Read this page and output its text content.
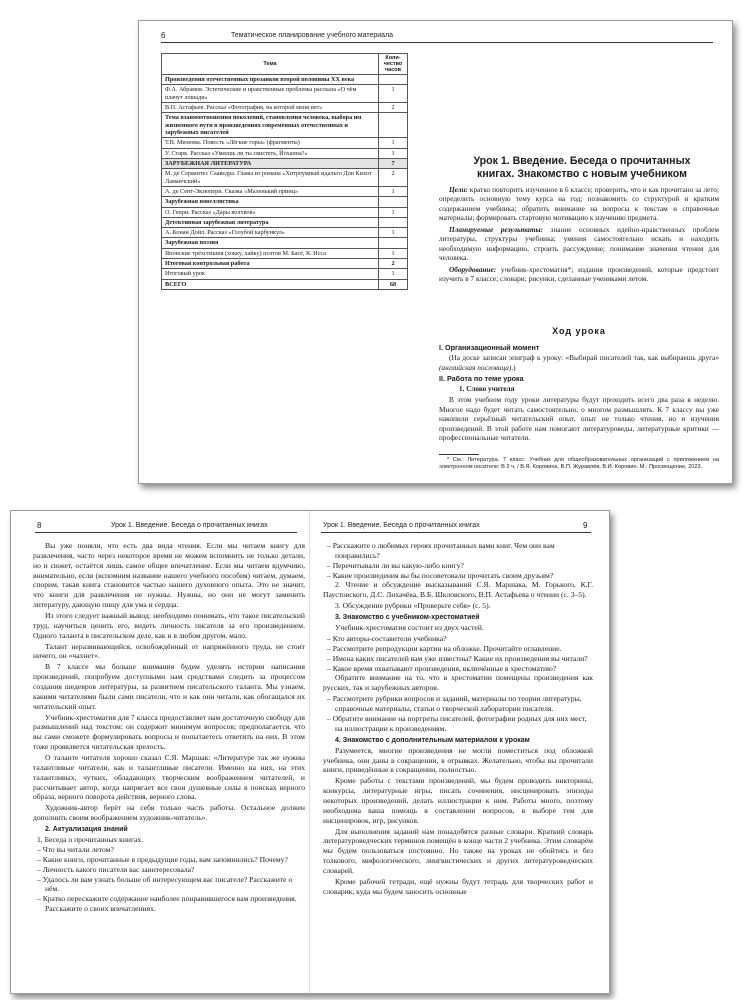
6	Тематическое планирование учебного материала
Тема	Коли-
чество
часов
Произведения отечественных прозаиков второй половины XX века	
Ф.А. Абрамов. Эстетические и нравственные проблемы рассказа «О чём плачут лошади»	1
В.П. Астафьев. Рассказ «Фотография, на которой меня нет»	2
Тема взаимоотношения поколений, становления человека, выбора им жизненного пути в произведениях современных отечественных и зарубежных писателей	
Т.В. Михеева. Повесть «Лёгкие горы» (фрагменты)	1
У. Старк. Рассказ «Умеешь ли ты свистеть, Йоханна?»	1
ЗАРУБЕЖНАЯ ЛИТЕРАТУРА	7
М. де Сервантес Сааведра. Главы из романа «Хитроумный идальго Дон Кихот Ламанчский»	2
А. де Сент-Экзюпери. Сказка «Маленький принц»	1
Зарубежная новеллистика	
О. Генри. Рассказ «Дары волхвов»	1
Детективная зарубежная литература	
А. Конан Дойл. Рассказ «Голубой карбункул»	1
Зарубежная поэзия	
Японские трёхстишия (хокку, хайку) поэтов М. Басё, К. Исса	1
Итоговая контрольная работа	2
Итоговый урок	1
ВСЕГО	68
Урок 1. Введение. Беседа о прочитанных
книгах. Знакомство с новым учебником

Цели: кратко повторить изученное в 6 классе; проверить, что и как прочитано за лето; определить основную тему курса на год; познакомить со структурой и кратким содержанием учебника; обратить внимание на вопросы к текстам и справочные материалы; формировать стартовую мотивацию к изучению предмета.

Планируемые результаты: знание основных идейно-нравственных проблем литературы, структуры учебника; умения самостоятельно искать и находить необходимую информацию, строить рассуждение; понимание значения чтения для человека.

Оборудование: учебник-хрестоматия*; издания произведений, которые предстоит изучить в 7 классе; словари; рисунки, сделанные учениками летом.

Ход урока
I. Организационный момент

(На доске записан эпиграф к уроку: «Выбирай писателей так, как выбираешь друга» (английская пословица).)

II. Работа по теме урока
1. Слово учителя

В этом учебном году уроки литературы будут проходить всего два раза в неделю. Многое надо будет читать самостоятельно, о многом размышлять. К 7 классу вы уже накопили серьёзный читательский опыт, опыт не только чтения, но и изучения произведений. В этой работе нам помогают литературоведы, литературные критики — профессиональные читатели.

* См.: Литература. 7 класс: Учебник для общеобразовательных организаций с приложением на электронном носителе: В 2 ч. / В.Я. Коровина, В.П. Журавлёв, В.И. Коровин. М.: Просвещение, 2023.
8	Урок 1. Введение. Беседа о прочитанных книгах	Урок 1. Введение. Беседа о прочитанных книгах	9

Вы уже поняли, что есть два вида чтения. Если мы читаем книгу для развлечения, часто через некоторое время не можем вспомнить не только детали, но и сюжет, остаётся лишь самое общее впечатление. Если мы читаем вдумчиво, внимательно, если (вспомним название нашего учебного пособия) читаем, думаем, спорим, такая книга становится частью нашего духовного опыта. Это не значит, что книги для развлечения не нужны. Нужны, но они не могут заменить литературу, дающую пищу для ума и сердца.

Из этого следует важный вывод: необходимо понимать, что такое писательский труд, научиться ценить его, видеть личность писателя за его произведением. Одного таланта в писательском деле, как и в любом другом, мало.

Талант неразвивающийся, освобождённый от напряжённого труда, не стоит ничего, он «чахнет».

В 7 классе мы больше внимания будем уделять истории написания произведений, попробуем доступными нам средствами следить за процессом создания шедевров литературы, за развитием писательского таланта. Мы узнаем, какими читателями были сами писатели, что и как они читали, как обогащался их читательский опыт.

Учебник-хрестоматия для 7 класса предоставляет нам достаточную свободу для размышлений над текстом: он содержит минимум вопросов; предполагается, что вы сами сможете формулировать вопросы и попытаетесь ответить на них. В этом тоже проявляется читательская зрелость.

О таланте читателя хорошо сказал С.Я. Маршак: «Литературе так же нужны талантливые читатели, как и талантливые писатели. Именно на них, на этих талантливых, чутких, обладающих творческим воображением читателей, и рассчитывает автор, когда напрягает все свои душевные силы в поисках верного образа, верного поворота действия, верного слова.

Художник-автор берёт на себя только часть работы. Остальное должен дополнить своим воображением художник-читатель».

2. Актуализация знаний
1. Беседа о прочитанных книгах.
– Что вы читали летом?
– Какие книги, прочитанные в предыдущие годы, вам запомнились? Почему?
– Личность какого писателя вас заинтересовала?
– Удалось ли вам узнать больше об интересующем вас писателе? Расскажите о нём.
– Кратко перескажите содержание наиболее понравившегося вам произведения. Расскажите о своих впечатлениях.
– Расскажите о любимых героях прочитанных вами книг. Чем они вам понравились?
– Перечитывали ли вы какую-либо книгу?
– Какие произведения вы бы посоветовали прочитать своим друзьям?

2. Чтение и обсуждение высказываний С.Я. Маршака, М. Горького, К.Г. Паустовского, Д.С. Лихачёва, В.Б. Шкловского, В.П. Астафьева о чтении (с. 3–5).

3. Обсуждение рубрики «Проверьте себя» (с. 5).

3. Знакомство с учебником-хрестоматией

Учебник-хрестоматия состоит из двух частей.

– Кто авторы-составители учебника?
– Рассмотрите репродукции картин на обложке. Прочитайте оглавление.
– Имена каких писателей вам уже известны? Какие их произведения вы читали?
– Какое время охватывают произведения, включённые в хрестоматию?

Обратите внимание на то, что в хрестоматии помещены произведения как русских, так и зарубежных авторов.

– Рассмотрите рубрики вопросов и заданий, материалы по теории литературы, справочные материалы, статьи о творческой лаборатории писателя.
– Обратите внимание на портреты писателей, фотографии родных для них мест, на иллюстрации к произведениям.
4. Знакомство с дополнительным материалом к урокам

Разумеется, многие произведения не могли поместиться под обложкой учебника, они даны в сокращении, в отрывках. Желательно, чтобы вы прочитали книги, приведённые в сокращении, полностью.

Кроме работы с текстами произведений, мы будем проводить викторины, конкурсы, литературные игры, писать сочинения, инсценировать эпизоды некоторых произведений, делать иллюстрации к ним. Работы много, поэтому необходима ваша помощь в составлении вопросов, в выборе тем для инсценировок, игр, рисунков.

Для выполнения заданий нам понадобятся разные словари. Краткий словарь литературоведческих терминов помещён в конце части 2 учебника. Этим словарём мы будем пользоваться постоянно. Но также на уроках не обойтись и без толкового, мифологического, лингвистических и других литературоведческих словарей.

Кроме рабочей тетради, ещё нужны будут тетрадь для творческих работ и словарик, куда мы будем заносить основные
